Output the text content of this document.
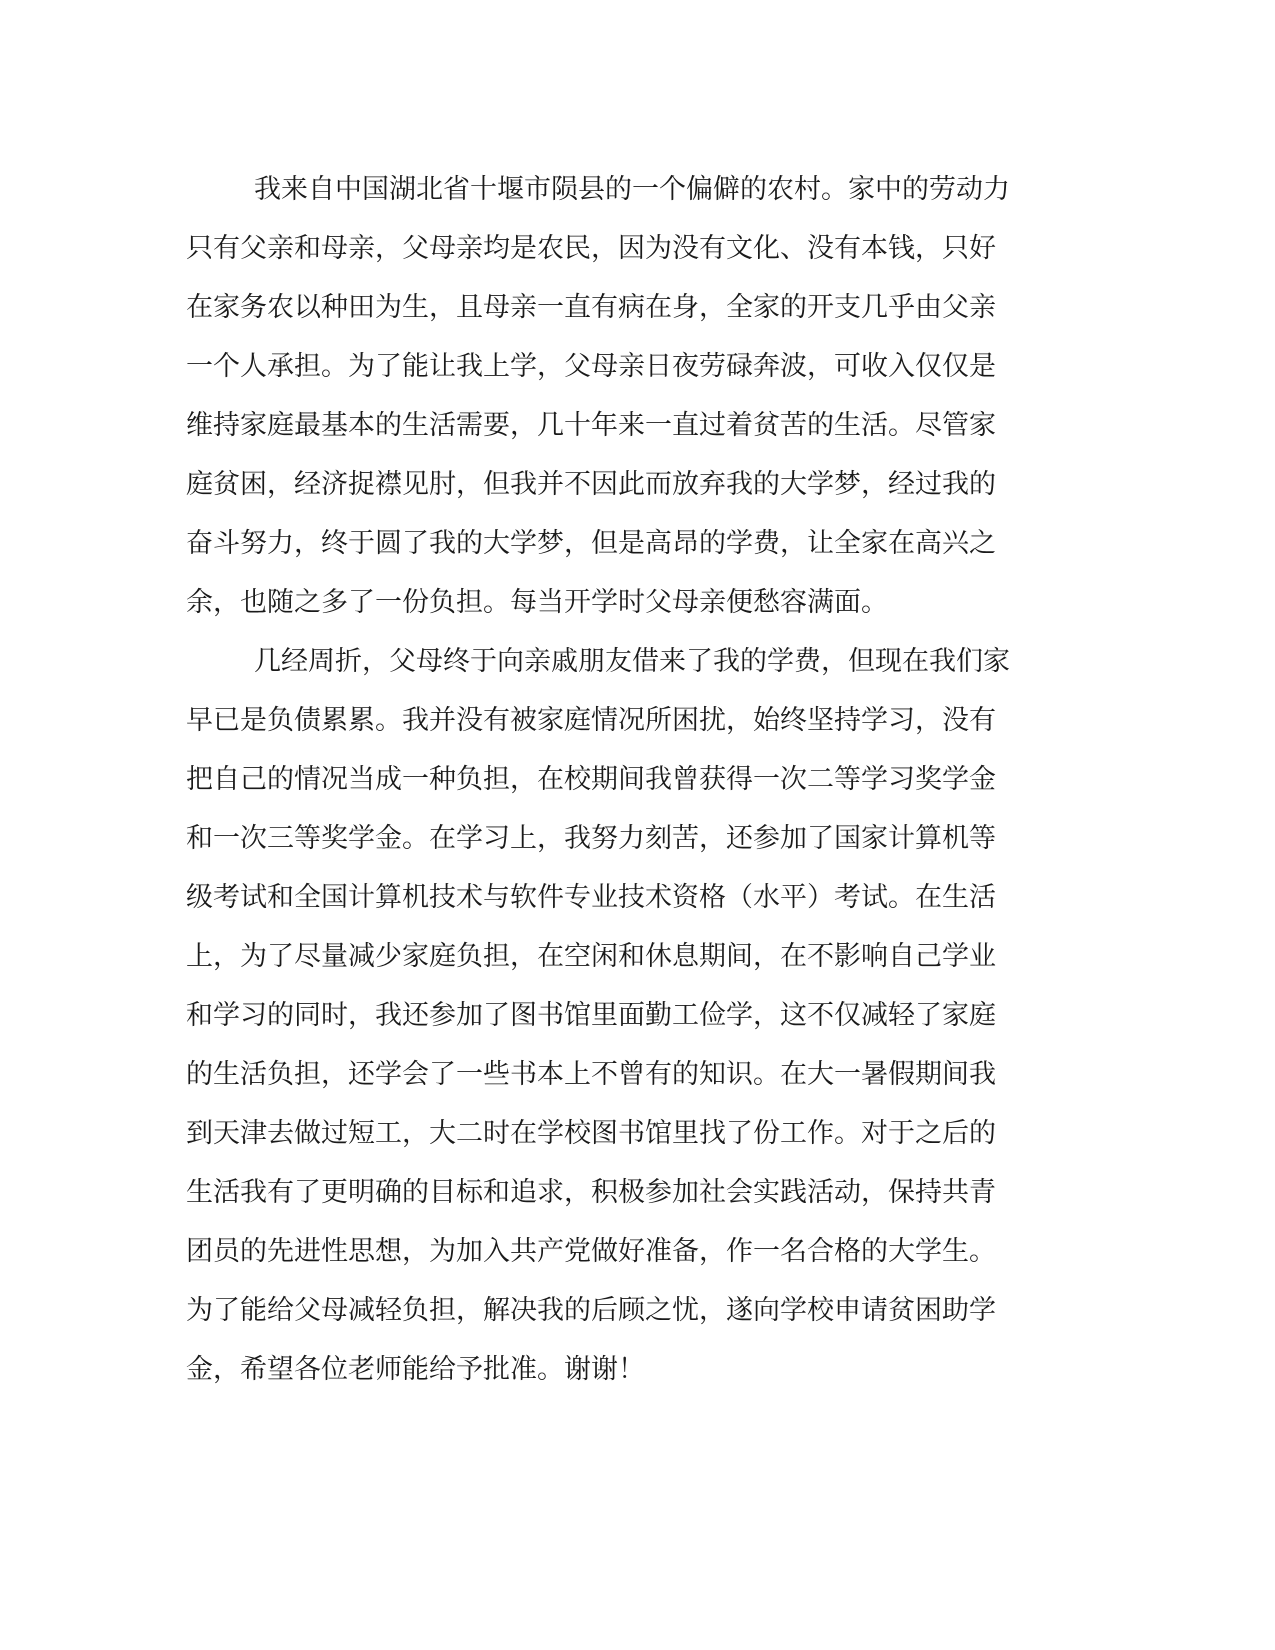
我来自中国湖北省十堰市陨县的一个偏僻的农村。家中的劳动力
只有父亲和母亲，父母亲均是农民，因为没有文化、没有本钱，只好
在家务农以种田为生，且母亲一直有病在身，全家的开支几乎由父亲
一个人承担。为了能让我上学，父母亲日夜劳碌奔波，可收入仅仅是
维持家庭最基本的生活需要，几十年来一直过着贫苦的生活。尽管家
庭贫困，经济捉襟见肘，但我并不因此而放弃我的大学梦，经过我的
奋斗努力，终于圆了我的大学梦，但是高昂的学费，让全家在高兴之
余，也随之多了一份负担。每当开学时父母亲便愁容满面。
几经周折，父母终于向亲戚朋友借来了我的学费，但现在我们家
早已是负债累累。我并没有被家庭情况所困扰，始终坚持学习，没有
把自己的情况当成一种负担，在校期间我曾获得一次二等学习奖学金
和一次三等奖学金。在学习上，我努力刻苦，还参加了国家计算机等
级考试和全国计算机技术与软件专业技术资格（水平）考试。在生活
上，为了尽量减少家庭负担，在空闲和休息期间，在不影响自己学业
和学习的同时，我还参加了图书馆里面勤工俭学，这不仅减轻了家庭
的生活负担，还学会了一些书本上不曾有的知识。在大一暑假期间我
到天津去做过短工，大二时在学校图书馆里找了份工作。对于之后的
生活我有了更明确的目标和追求，积极参加社会实践活动，保持共青
团员的先进性思想，为加入共产党做好准备，作一名合格的大学生。
为了能给父母减轻负担，解决我的后顾之忧，遂向学校申请贫困助学
金，希望各位老师能给予批准。谢谢！
